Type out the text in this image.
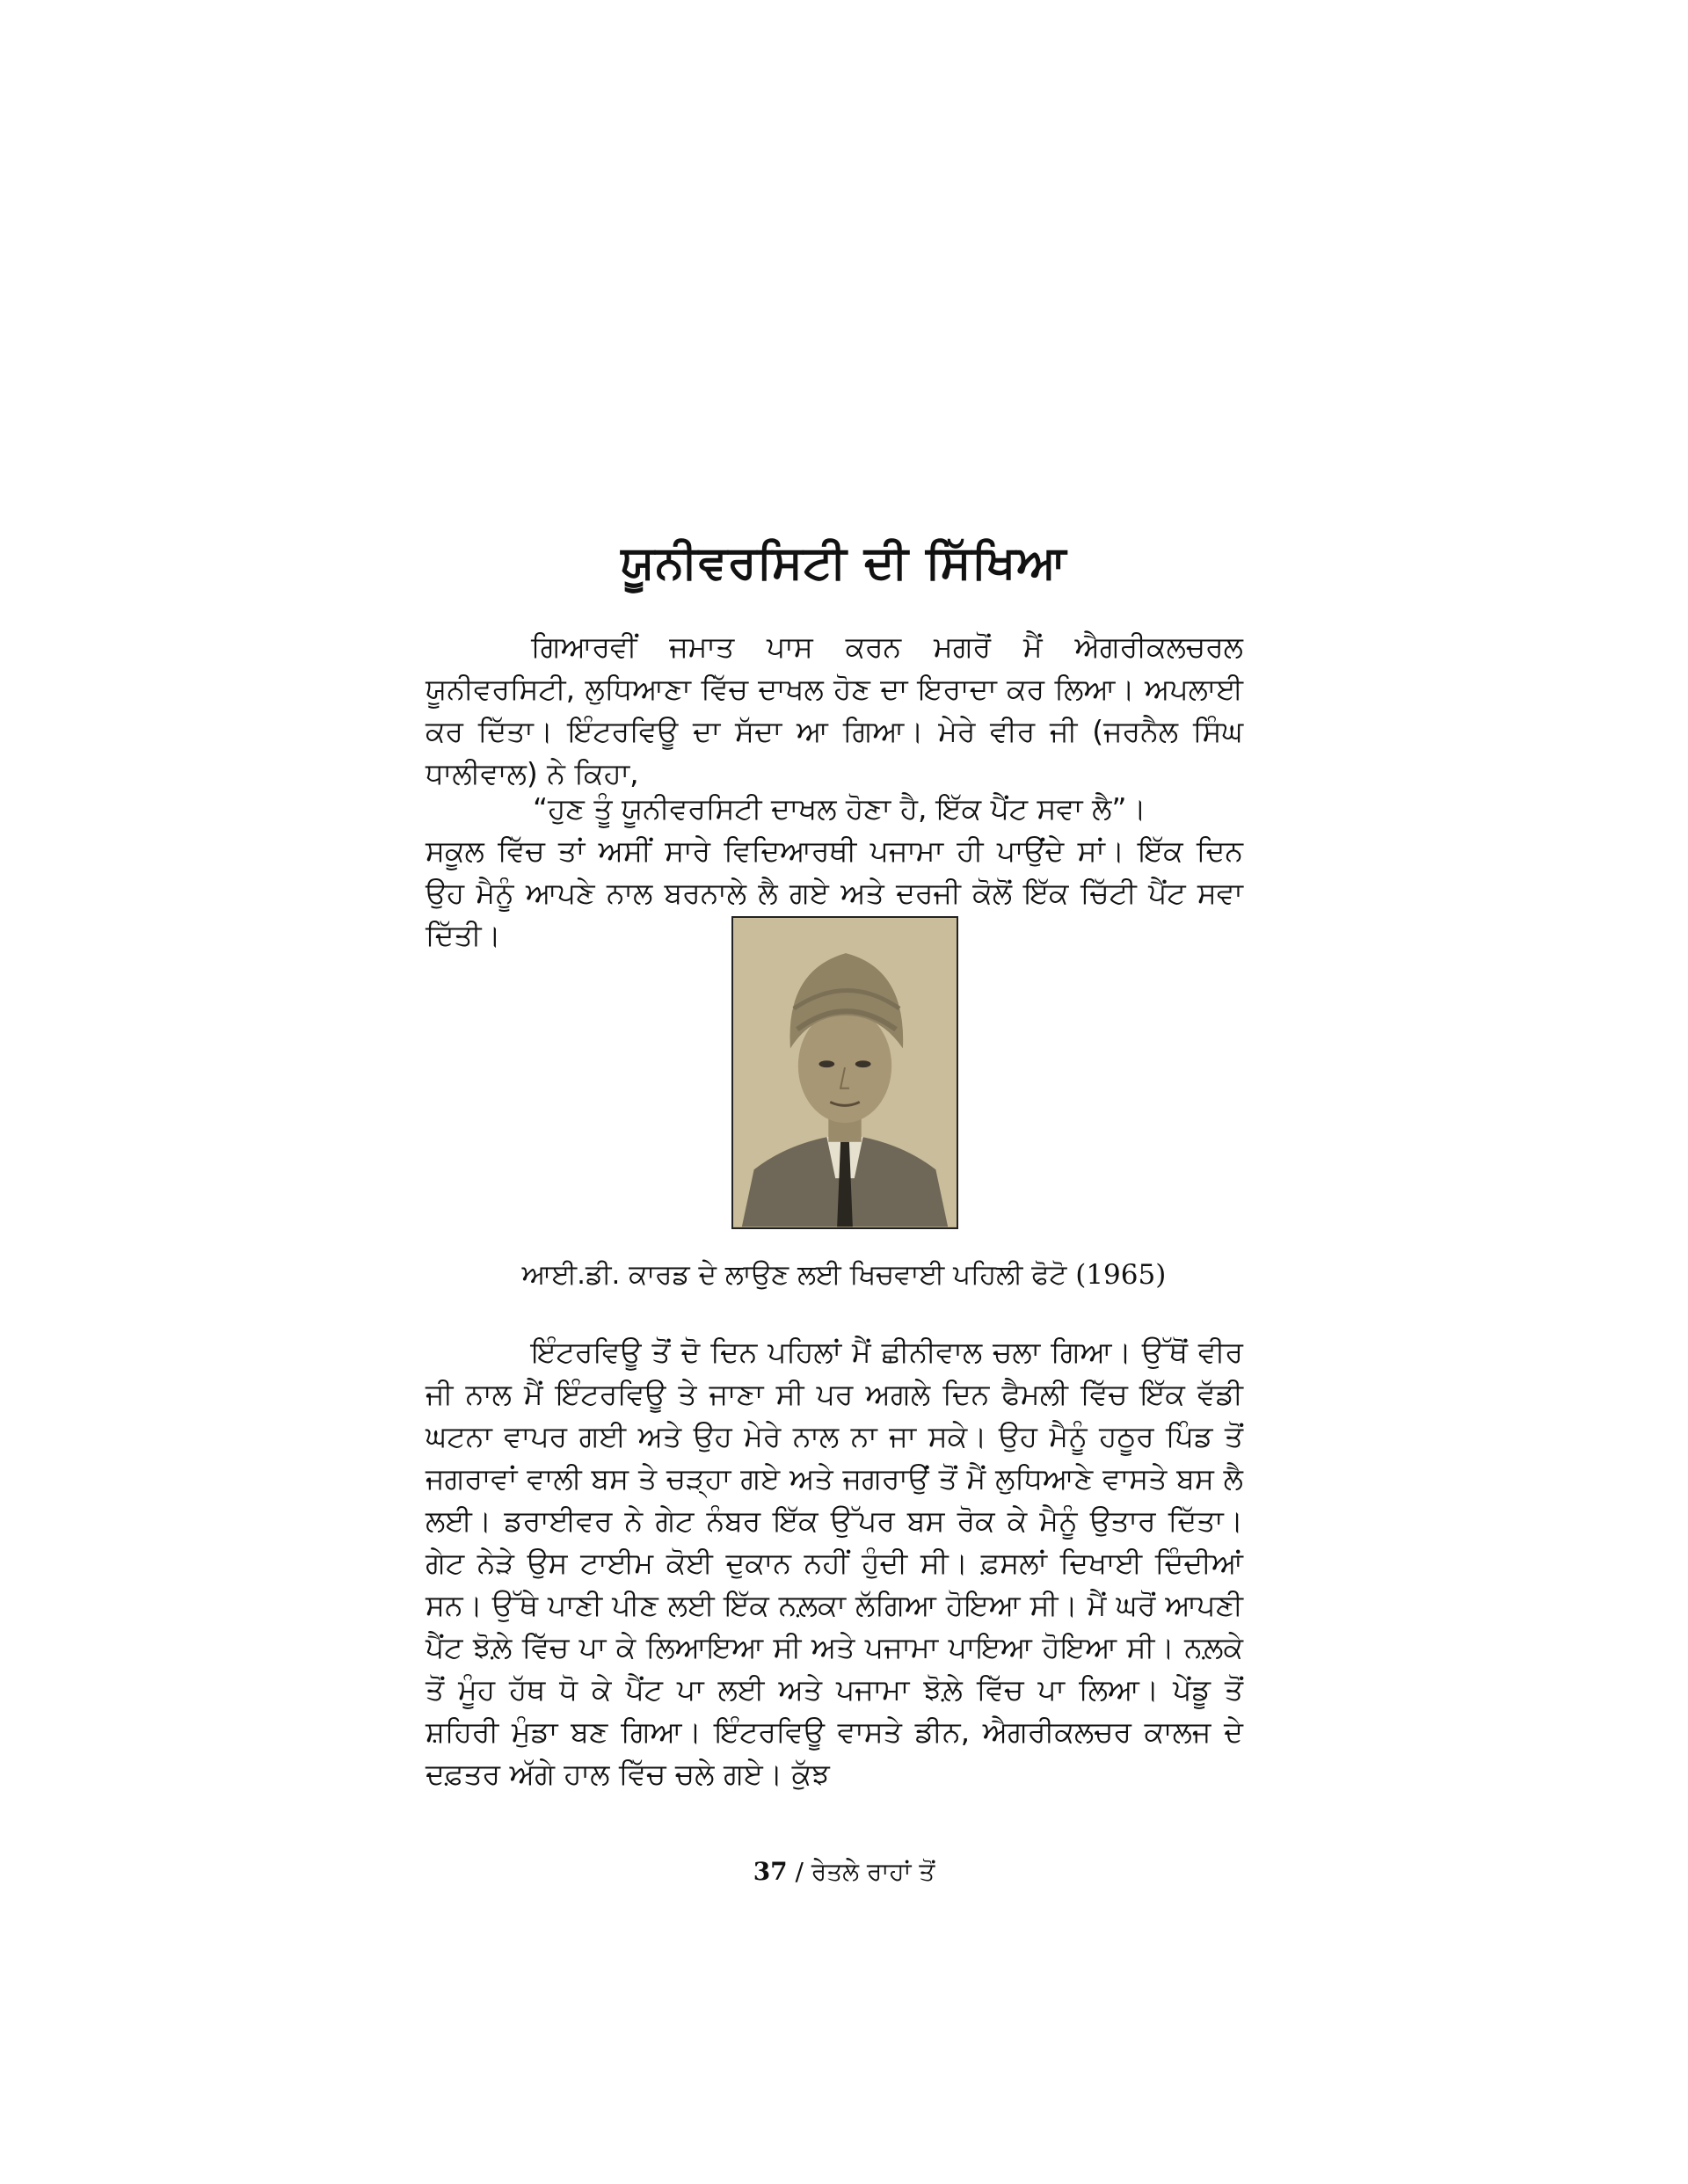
ਯੂਨੀਵਰਸਿਟੀ ਦੀ ਸਿੱਖਿਆ

ਗਿਆਰਵੀਂ ਜਮਾਤ ਪਾਸ ਕਰਨ ਮਗਰੋਂ ਮੈਂ ਐਗਰੀਕਲਚਰਲ ਯੂਨੀਵਰਸਿਟੀ, ਲੁਧਿਆਣਾ ਵਿੱਚ ਦਾਖਲ ਹੋਣ ਦਾ ਇਰਾਦਾ ਕਰ ਲਿਆ। ਅਪਲਾਈ ਕਰ ਦਿੱਤਾ। ਇੰਟਰਵਿਊ ਦਾ ਸੱਦਾ ਆ ਗਿਆ। ਮੇਰੇ ਵੀਰ ਜੀ (ਜਰਨੈਲ ਸਿੰਘ ਧਾਲੀਵਾਲ) ਨੇ ਕਿਹਾ,

“ਹੁਣ ਤੂੰ ਯੂਨੀਵਰਸਿਟੀ ਦਾਖਲ ਹੋਣਾ ਹੈ, ਇੱਕ ਪੈਂਟ ਸਵਾ ਲੈ”।

ਸਕੂਲ ਵਿੱਚ ਤਾਂ ਅਸੀਂ ਸਾਰੇ ਵਿਦਿਆਰਥੀ ਪਜਾਮਾ ਹੀ ਪਾਉਂਦੇ ਸਾਂ। ਇੱਕ ਦਿਨ ਉਹ ਮੈਨੂੰ ਆਪਣੇ ਨਾਲ ਬਰਨਾਲੇ ਲੈ ਗਏ ਅਤੇ ਦਰਜੀ ਕੋਲੋਂ ਇੱਕ ਚਿੱਟੀ ਪੈਂਟ ਸਵਾ ਦਿੱਤੀ।

ਆਈ.ਡੀ. ਕਾਰਡ ਦੇ ਲਾਉਣ ਲਈ ਖਿਚਵਾਈ ਪਹਿਲੀ ਫੋਟੋ (1965)

ਇੰਟਰਵਿਊ ਤੋਂ ਦੋ ਦਿਨ ਪਹਿਲਾਂ ਮੈਂ ਛੀਨੀਵਾਲ ਚਲਾ ਗਿਆ। ਉੱਥੋਂ ਵੀਰ ਜੀ ਨਾਲ ਮੈਂ ਇੰਟਰਵਿਊ ਤੇ ਜਾਣਾ ਸੀ ਪਰ ਅਗਲੇ ਦਿਨ ਫੈਮਲੀ ਵਿੱਚ ਇੱਕ ਵੱਡੀ ਘਟਨਾ ਵਾਪਰ ਗਈ ਅਤੇ ਉਹ ਮੇਰੇ ਨਾਲ ਨਾ ਜਾ ਸਕੇ। ਉਹ ਮੈਨੂੰ ਹਠੂਰ ਪਿੰਡ ਤੋਂ ਜਗਰਾਵਾਂ ਵਾਲੀ ਬਸ ਤੇ ਚੜ੍ਹਾ ਗਏ ਅਤੇ ਜਗਰਾਉਂ ਤੋਂ ਮੈਂ ਲੁਧਿਆਣੇ ਵਾਸਤੇ ਬਸ ਲੈ ਲਈ। ਡਰਾਈਵਰ ਨੇ ਗੇਟ ਨੰਬਰ ਇੱਕ ਉੱਪਰ ਬਸ ਰੋਕ ਕੇ ਮੈਨੂੰ ਉਤਾਰ ਦਿੱਤਾ। ਗੇਟ ਨੇੜੇ ਉਸ ਟਾਈਮ ਕੋਈ ਦੁਕਾਨ ਨਹੀਂ ਹੁੰਦੀ ਸੀ। ਫ਼ਸਲਾਂ ਦਿਖਾਈ ਦਿੰਦੀਆਂ ਸਨ। ਉੱਥੇ ਪਾਣੀ ਪੀਣ ਲਈ ਇੱਕ ਨਲ਼ਕਾ ਲੱਗਿਆ ਹੋਇਆ ਸੀ। ਮੈਂ ਘਰੋਂ ਆਪਣੀ ਪੈਂਟ ਝੋਲ਼ੇ ਵਿੱਚ ਪਾ ਕੇ ਲਿਆਇਆ ਸੀ ਅਤੇ ਪਜਾਮਾ ਪਾਇਆ ਹੋਇਆ ਸੀ। ਨਲ਼ਕੇ ਤੋਂ ਮੂੰਹ ਹੱਥ ਧੋ ਕੇ ਪੈਂਟ ਪਾ ਲਈ ਅਤੇ ਪਜਾਮਾ ਝੋਲ਼ੇ ਵਿੱਚ ਪਾ ਲਿਆ। ਪੇਂਡੂ ਤੋਂ ਸ਼ਹਿਰੀ ਮੁੰਡਾ ਬਣ ਗਿਆ। ਇੰਟਰਵਿਊ ਵਾਸਤੇ ਡੀਨ, ਐਗਰੀਕਲਚਰ ਕਾਲਜ ਦੇ ਦਫ਼ਤਰ ਅੱਗੇ ਹਾਲ ਵਿੱਚ ਚਲੇ ਗਏ। ਕੁੱਝ

37 / ਰੇਤਲੇ ਰਾਹਾਂ ਤੋਂ
